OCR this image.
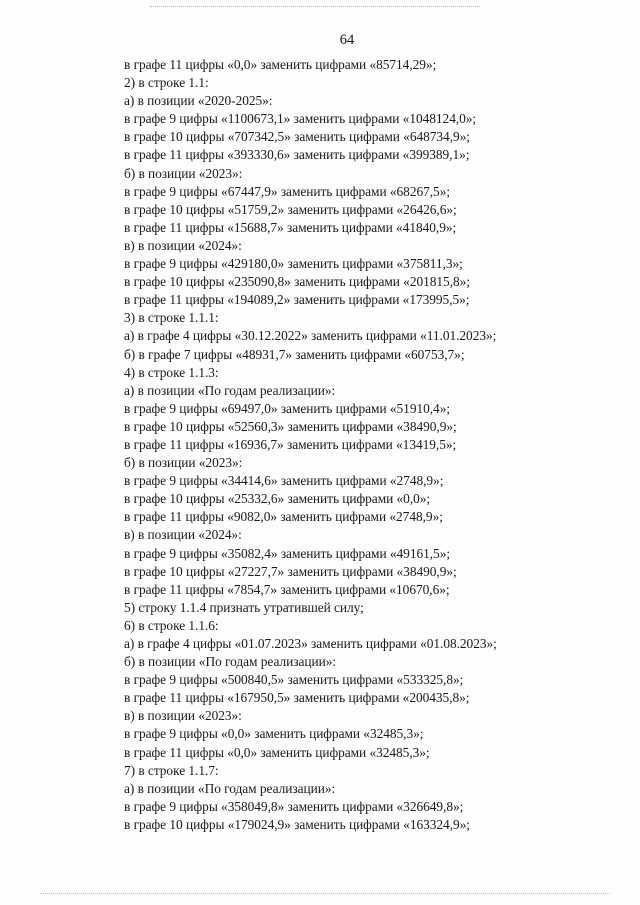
64
в графе 11 цифры «0,0» заменить цифрами «85714,29»;
2) в строке 1.1:
а) в позиции «2020-2025»:
в графе 9 цифры «1100673,1» заменить цифрами «1048124,0»;
в графе 10 цифры «707342,5» заменить цифрами «648734,9»;
в графе 11 цифры «393330,6» заменить цифрами «399389,1»;
б) в позиции «2023»:
в графе 9 цифры «67447,9» заменить цифрами «68267,5»;
в графе 10 цифры «51759,2» заменить цифрами «26426,6»;
в графе 11 цифры «15688,7» заменить цифрами «41840,9»;
в) в позиции «2024»:
в графе 9 цифры «429180,0» заменить цифрами «375811,3»;
в графе 10 цифры «235090,8» заменить цифрами «201815,8»;
в графе 11 цифры «194089,2» заменить цифрами «173995,5»;
3) в строке 1.1.1:
а) в графе 4 цифры «30.12.2022» заменить цифрами «11.01.2023»;
б) в графе 7 цифры «48931,7» заменить цифрами «60753,7»;
4) в строке 1.1.3:
а) в позиции «По годам реализации»:
в графе 9 цифры «69497,0» заменить цифрами «51910,4»;
в графе 10 цифры «52560,3» заменить цифрами «38490,9»;
в графе 11 цифры «16936,7» заменить цифрами «13419,5»;
б) в позиции «2023»:
в графе 9 цифры «34414,6» заменить цифрами «2748,9»;
в графе 10 цифры «25332,6» заменить цифрами «0,0»;
в графе 11 цифры «9082,0» заменить цифрами «2748,9»;
в) в позиции «2024»:
в графе 9 цифры «35082,4» заменить цифрами «49161,5»;
в графе 10 цифры «27227,7» заменить цифрами «38490,9»;
в графе 11 цифры «7854,7» заменить цифрами «10670,6»;
5) строку 1.1.4 признать утратившей силу;
6) в строке 1.1.6:
а) в графе 4 цифры «01.07.2023» заменить цифрами «01.08.2023»;
б) в позиции «По годам реализации»:
в графе 9 цифры «500840,5» заменить цифрами «533325,8»;
в графе 11 цифры «167950,5» заменить цифрами «200435,8»;
в) в позиции «2023»:
в графе 9 цифры «0,0» заменить цифрами «32485,3»;
в графе 11 цифры «0,0» заменить цифрами «32485,3»;
7) в строке 1.1.7:
а) в позиции «По годам реализации»:
в графе 9 цифры «358049,8» заменить цифрами «326649,8»;
в графе 10 цифры «179024,9» заменить цифрами «163324,9»;
